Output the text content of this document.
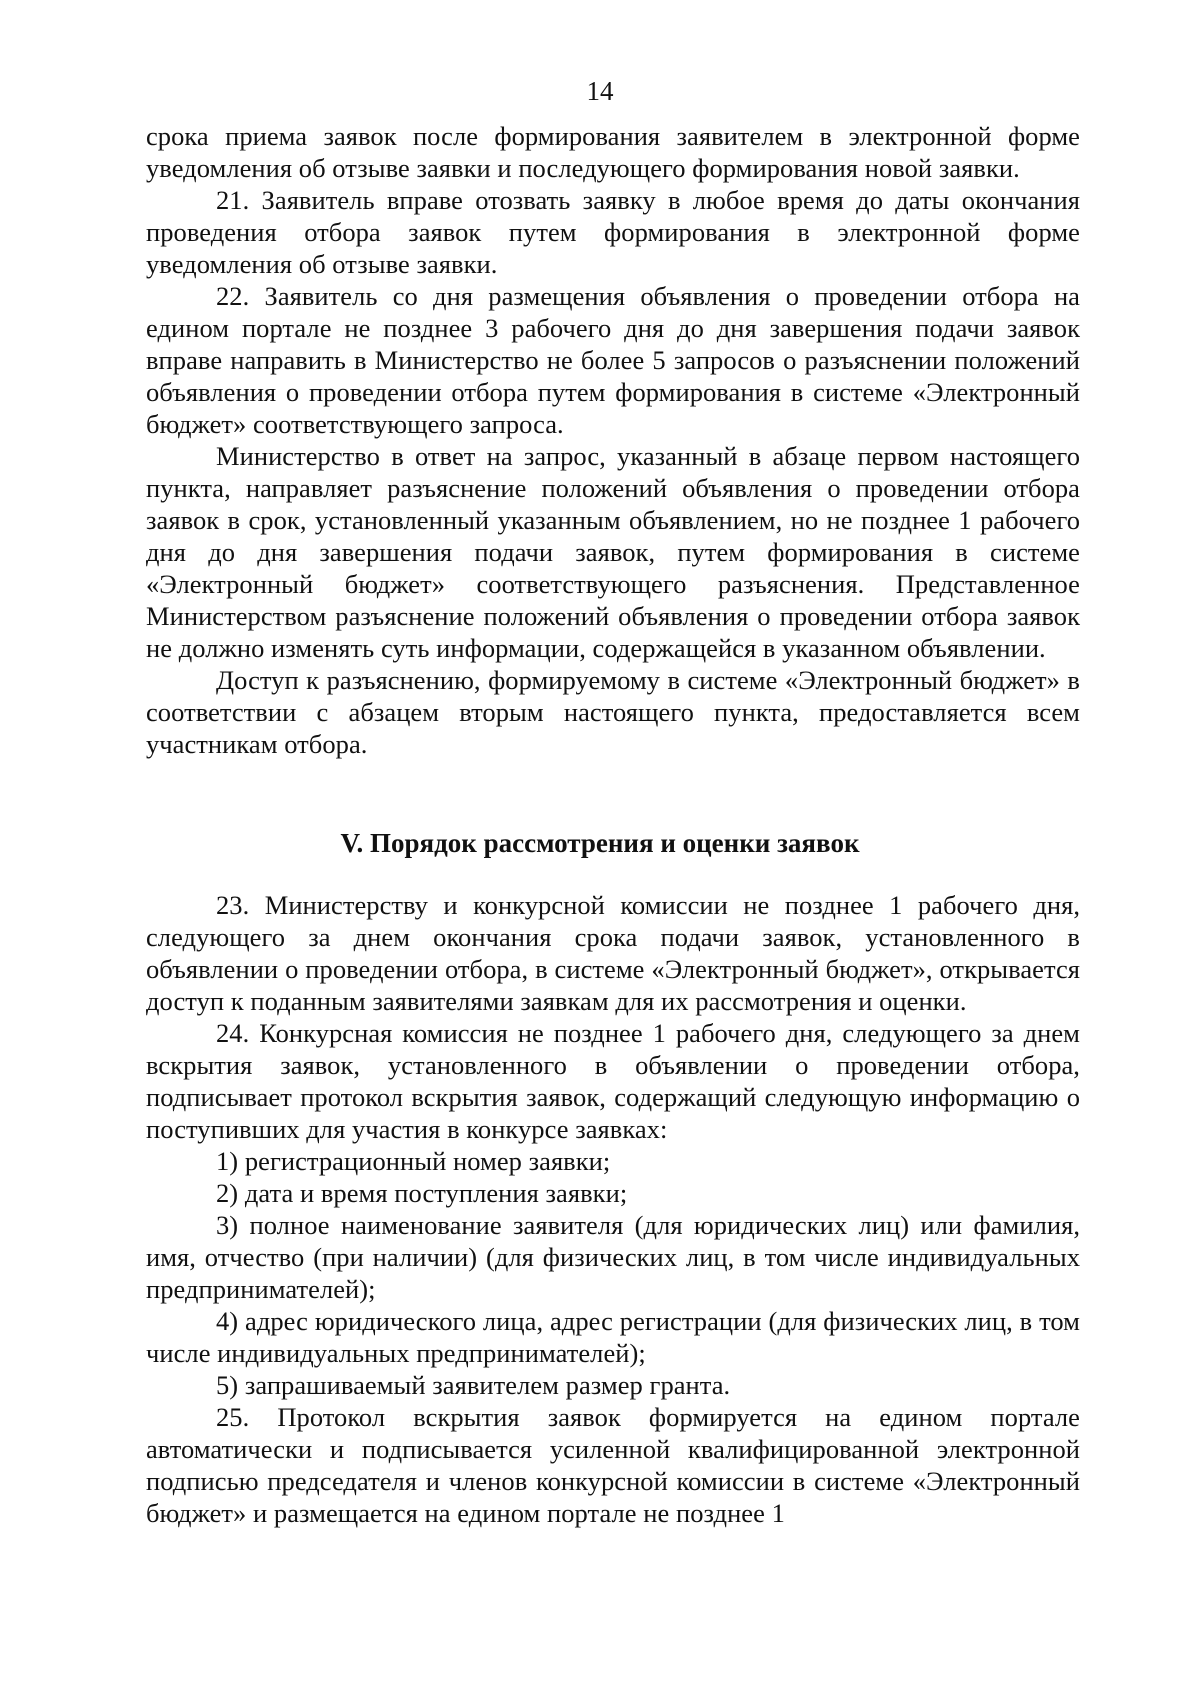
14

срока приема заявок после формирования заявителем в электронной форме уведомления об отзыве заявки и последующего формирования новой заявки.

21. Заявитель вправе отозвать заявку в любое время до даты окончания проведения отбора заявок путем формирования в электронной форме уведомления об отзыве заявки.

22. Заявитель со дня размещения объявления о проведении отбора на едином портале не позднее 3 рабочего дня до дня завершения подачи заявок вправе направить в Министерство не более 5 запросов о разъяснении положений объявления о проведении отбора путем формирования в системе «Электронный бюджет» соответствующего запроса.

Министерство в ответ на запрос, указанный в абзаце первом настоящего пункта, направляет разъяснение положений объявления о проведении отбора заявок в срок, установленный указанным объявлением, но не позднее 1 рабочего дня до дня завершения подачи заявок, путем формирования в системе «Электронный бюджет» соответствующего разъяснения. Представленное Министерством разъяснение положений объявления о проведении отбора заявок не должно изменять суть информации, содержащейся в указанном объявлении.

Доступ к разъяснению, формируемому в системе «Электронный бюджет» в соответствии с абзацем вторым настоящего пункта, предоставляется всем участникам отбора.

V. Порядок рассмотрения и оценки заявок

23. Министерству и конкурсной комиссии не позднее 1 рабочего дня, следующего за днем окончания срока подачи заявок, установленного в объявлении о проведении отбора, в системе «Электронный бюджет», открывается доступ к поданным заявителями заявкам для их рассмотрения и оценки.

24. Конкурсная комиссия не позднее 1 рабочего дня, следующего за днем вскрытия заявок, установленного в объявлении о проведении отбора, подписывает протокол вскрытия заявок, содержащий следующую информацию о поступивших для участия в конкурсе заявках:

1) регистрационный номер заявки;

2) дата и время поступления заявки;

3) полное наименование заявителя (для юридических лиц) или фамилия, имя, отчество (при наличии) (для физических лиц, в том числе индивидуальных предпринимателей);

4) адрес юридического лица, адрес регистрации (для физических лиц, в том числе индивидуальных предпринимателей);

5) запрашиваемый заявителем размер гранта.

25. Протокол вскрытия заявок формируется на едином портале автоматически и подписывается усиленной квалифицированной электронной подписью председателя и членов конкурсной комиссии в системе «Электронный бюджет» и размещается на едином портале не позднее 1
